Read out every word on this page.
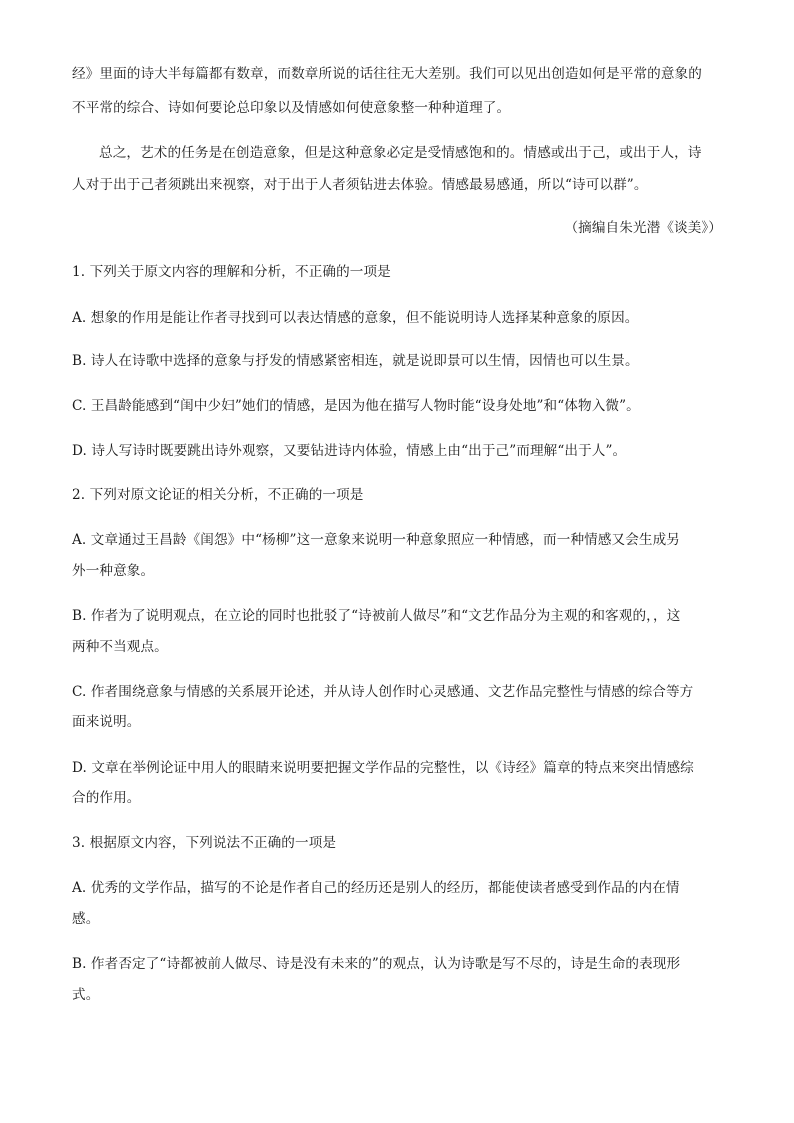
经》里面的诗大半每篇都有数章，而数章所说的话往往无大差别。我们可以见出创造如何是平常的意象的
不平常的综合、诗如何要论总印象以及情感如何使意象整一种种道理了。
总之，艺术的任务是在创造意象，但是这种意象必定是受情感饱和的。情感或出于己，或出于人，诗
人对于出于己者须跳出来视察，对于出于人者须钻进去体验。情感最易感通，所以“诗可以群”。
（摘编自朱光潜《谈美》）
1. 下列关于原文内容的理解和分析，不正确的一项是
A. 想象的作用是能让作者寻找到可以表达情感的意象，但不能说明诗人选择某种意象的原因。
B. 诗人在诗歌中选择的意象与抒发的情感紧密相连，就是说即景可以生情，因情也可以生景。
C. 王昌龄能感到“闺中少妇”她们的情感，是因为他在描写人物时能“设身处地”和“体物入微”。
D. 诗人写诗时既要跳出诗外观察，又要钻进诗内体验，情感上由“出于己”而理解“出于人”。
2. 下列对原文论证的相关分析，不正确的一项是
A. 文章通过王昌龄《闺怨》中“杨柳”这一意象来说明一种意象照应一种情感，而一种情感又会生成另
外一种意象。
B. 作者为了说明观点，在立论的同时也批驳了“诗被前人做尽”和“文艺作品分为主观的和客观的，，这
两种不当观点。
C. 作者围绕意象与情感的关系展开论述，并从诗人创作时心灵感通、文艺作品完整性与情感的综合等方
面来说明。
D. 文章在举例论证中用人的眼睛来说明要把握文学作品的完整性，以《诗经》篇章的特点来突出情感综
合的作用。
3. 根据原文内容，下列说法不正确的一项是
A. 优秀的文学作品，描写的不论是作者自己的经历还是别人的经历，都能使读者感受到作品的内在情
感。
B. 作者否定了“诗都被前人做尽、诗是没有未来的”的观点，认为诗歌是写不尽的，诗是生命的表现形
式。
